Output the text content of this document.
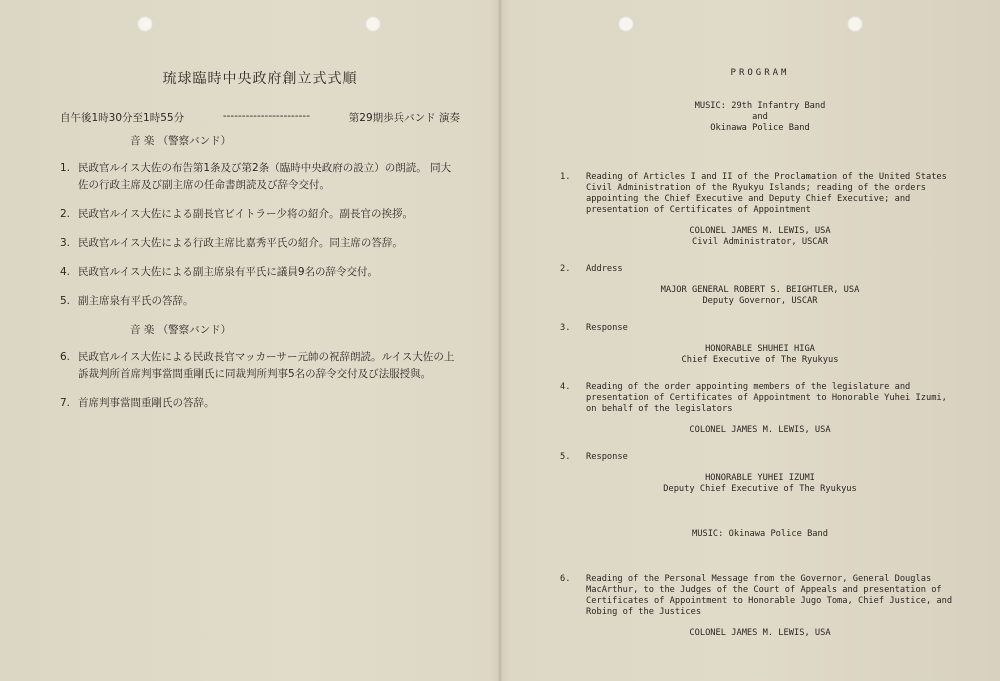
琉球臨時中央政府創立式式順
自午後1時30分至1時55分	-----------------------	第29期歩兵バンド 演奏
音 楽 （警察バンド）
1. 民政官ルイス大佐の布告第1条及び第2条（臨時中央政府の設立）の朗読。 同大佐の行政主席及び副主席の任命書朗読及び辞令交付。
2. 民政官ルイス大佐による副長官ビイトラー少将の紹介。副長官の挨拶。
3. 民政官ルイス大佐による行政主席比嘉秀平氏の紹介。同主席の答辞。
4. 民政官ルイス大佐による副主席泉有平氏に議員9名の辞令交付。
5. 副主席泉有平氏の答辞。
音 楽 （警察バンド）
6. 民政官ルイス大佐による民政長官マッカーサー元帥の祝辞朗読。ルイス大佐の上訴裁判所首席判事當間重剛氏に同裁判所判事5名の辞令交付及び法服授與。
7. 首席判事當間重剛氏の答辞。
PROGRAM
MUSIC: 29th Infantry Band
and
Okinawa Police Band
1.	Reading of Articles I and II of the Proclamation of the United States Civil Administration of the Ryukyu Islands; reading of the orders appointing the Chief Executive and Deputy Chief Executive; and presentation of Certificates of Appointment
COLONEL JAMES M. LEWIS, USA
Civil Administrator, USCAR
2.	Address
MAJOR GENERAL ROBERT S. BEIGHTLER, USA
Deputy Governor, USCAR
3.	Response
HONORABLE SHUHEI HIGA
Chief Executive of The Ryukyus
4.	Reading of the order appointing members of the legislature and presentation of Certificates of Appointment to Honorable Yuhei Izumi, on behalf of the legislators
COLONEL JAMES M. LEWIS, USA
5.	Response
HONORABLE YUHEI IZUMI
Deputy Chief Executive of The Ryukyus
MUSIC: Okinawa Police Band
6.	Reading of the Personal Message from the Governor, General Douglas MacArthur, to the Judges of the Court of Appeals and presentation of Certificates of Appointment to Honorable Jugo Toma, Chief Justice, and Robing of the Justices
COLONEL JAMES M. LEWIS, USA
